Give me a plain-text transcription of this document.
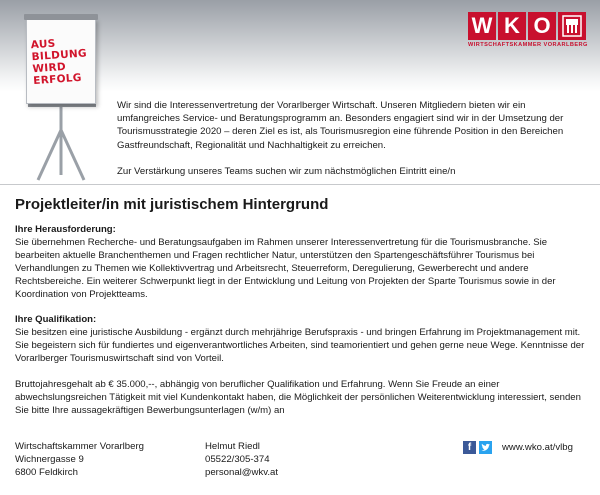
AUS
BILDUNG
WIRD
ERFOLG
W K O
WIRTSCHAFTSKAMMER VORARLBERG

Wir sind die Interessenvertretung der Vorarlberger Wirtschaft. Unseren Mitgliedern bieten wir ein umfangreiches Service- und Beratungsprogramm an. Besonders engagiert sind wir in der Umsetzung der Tourismusstrategie 2020 – deren Ziel es ist, als Tourismusregion eine führende Position in den Bereichen Gastfreundschaft, Regionalität und Nachhaltigkeit zu erreichen.

Zur Verstärkung unseres Teams suchen wir zum nächstmöglichen Eintritt eine/n

Projektleiter/in mit juristischem Hintergrund
Ihre Herausforderung:
Sie übernehmen Recherche- und Beratungsaufgaben im Rahmen unserer Interessenvertretung für die Tourismusbranche. Sie bearbeiten aktuelle Branchenthemen und Fragen rechtlicher Natur, unterstützen den Spartengeschäftsführer Tourismus bei Verhandlungen zu Themen wie Kollektivvertrag und Arbeitsrecht, Steuerreform, Deregulierung, Gewerberecht und andere Rechtsbereiche. Ein weiterer Schwerpunkt liegt in der Entwicklung und Leitung von Projekten der Sparte Tourismus sowie in der Koordination von Projektteams.
Ihre Qualifikation:
Sie besitzen eine juristische Ausbildung - ergänzt durch mehrjährige Berufspraxis - und bringen Erfahrung im Projektmanagement mit. Sie begeistern sich für fundiertes und eigenverantwortliches Arbeiten, sind teamorientiert und gehen gerne neue Wege. Kenntnisse der Vorarlberger Tourismuswirtschaft sind von Vorteil.
Bruttojahresgehalt ab € 35.000,--, abhängig von beruflicher Qualifikation und Erfahrung. Wenn Sie Freude an einer abwechslungsreichen Tätigkeit mit viel Kundenkontakt haben, die Möglichkeit der persönlichen Weiterentwicklung interessiert, senden Sie bitte Ihre aussagekräftigen Bewerbungsunterlagen (w/m) an
Wirtschaftskammer Vorarlberg
Wichnergasse 9
6800 Feldkirch
Helmut Riedl
05522/305-374
personal@wkv.at
f	www.wko.at/vlbg
